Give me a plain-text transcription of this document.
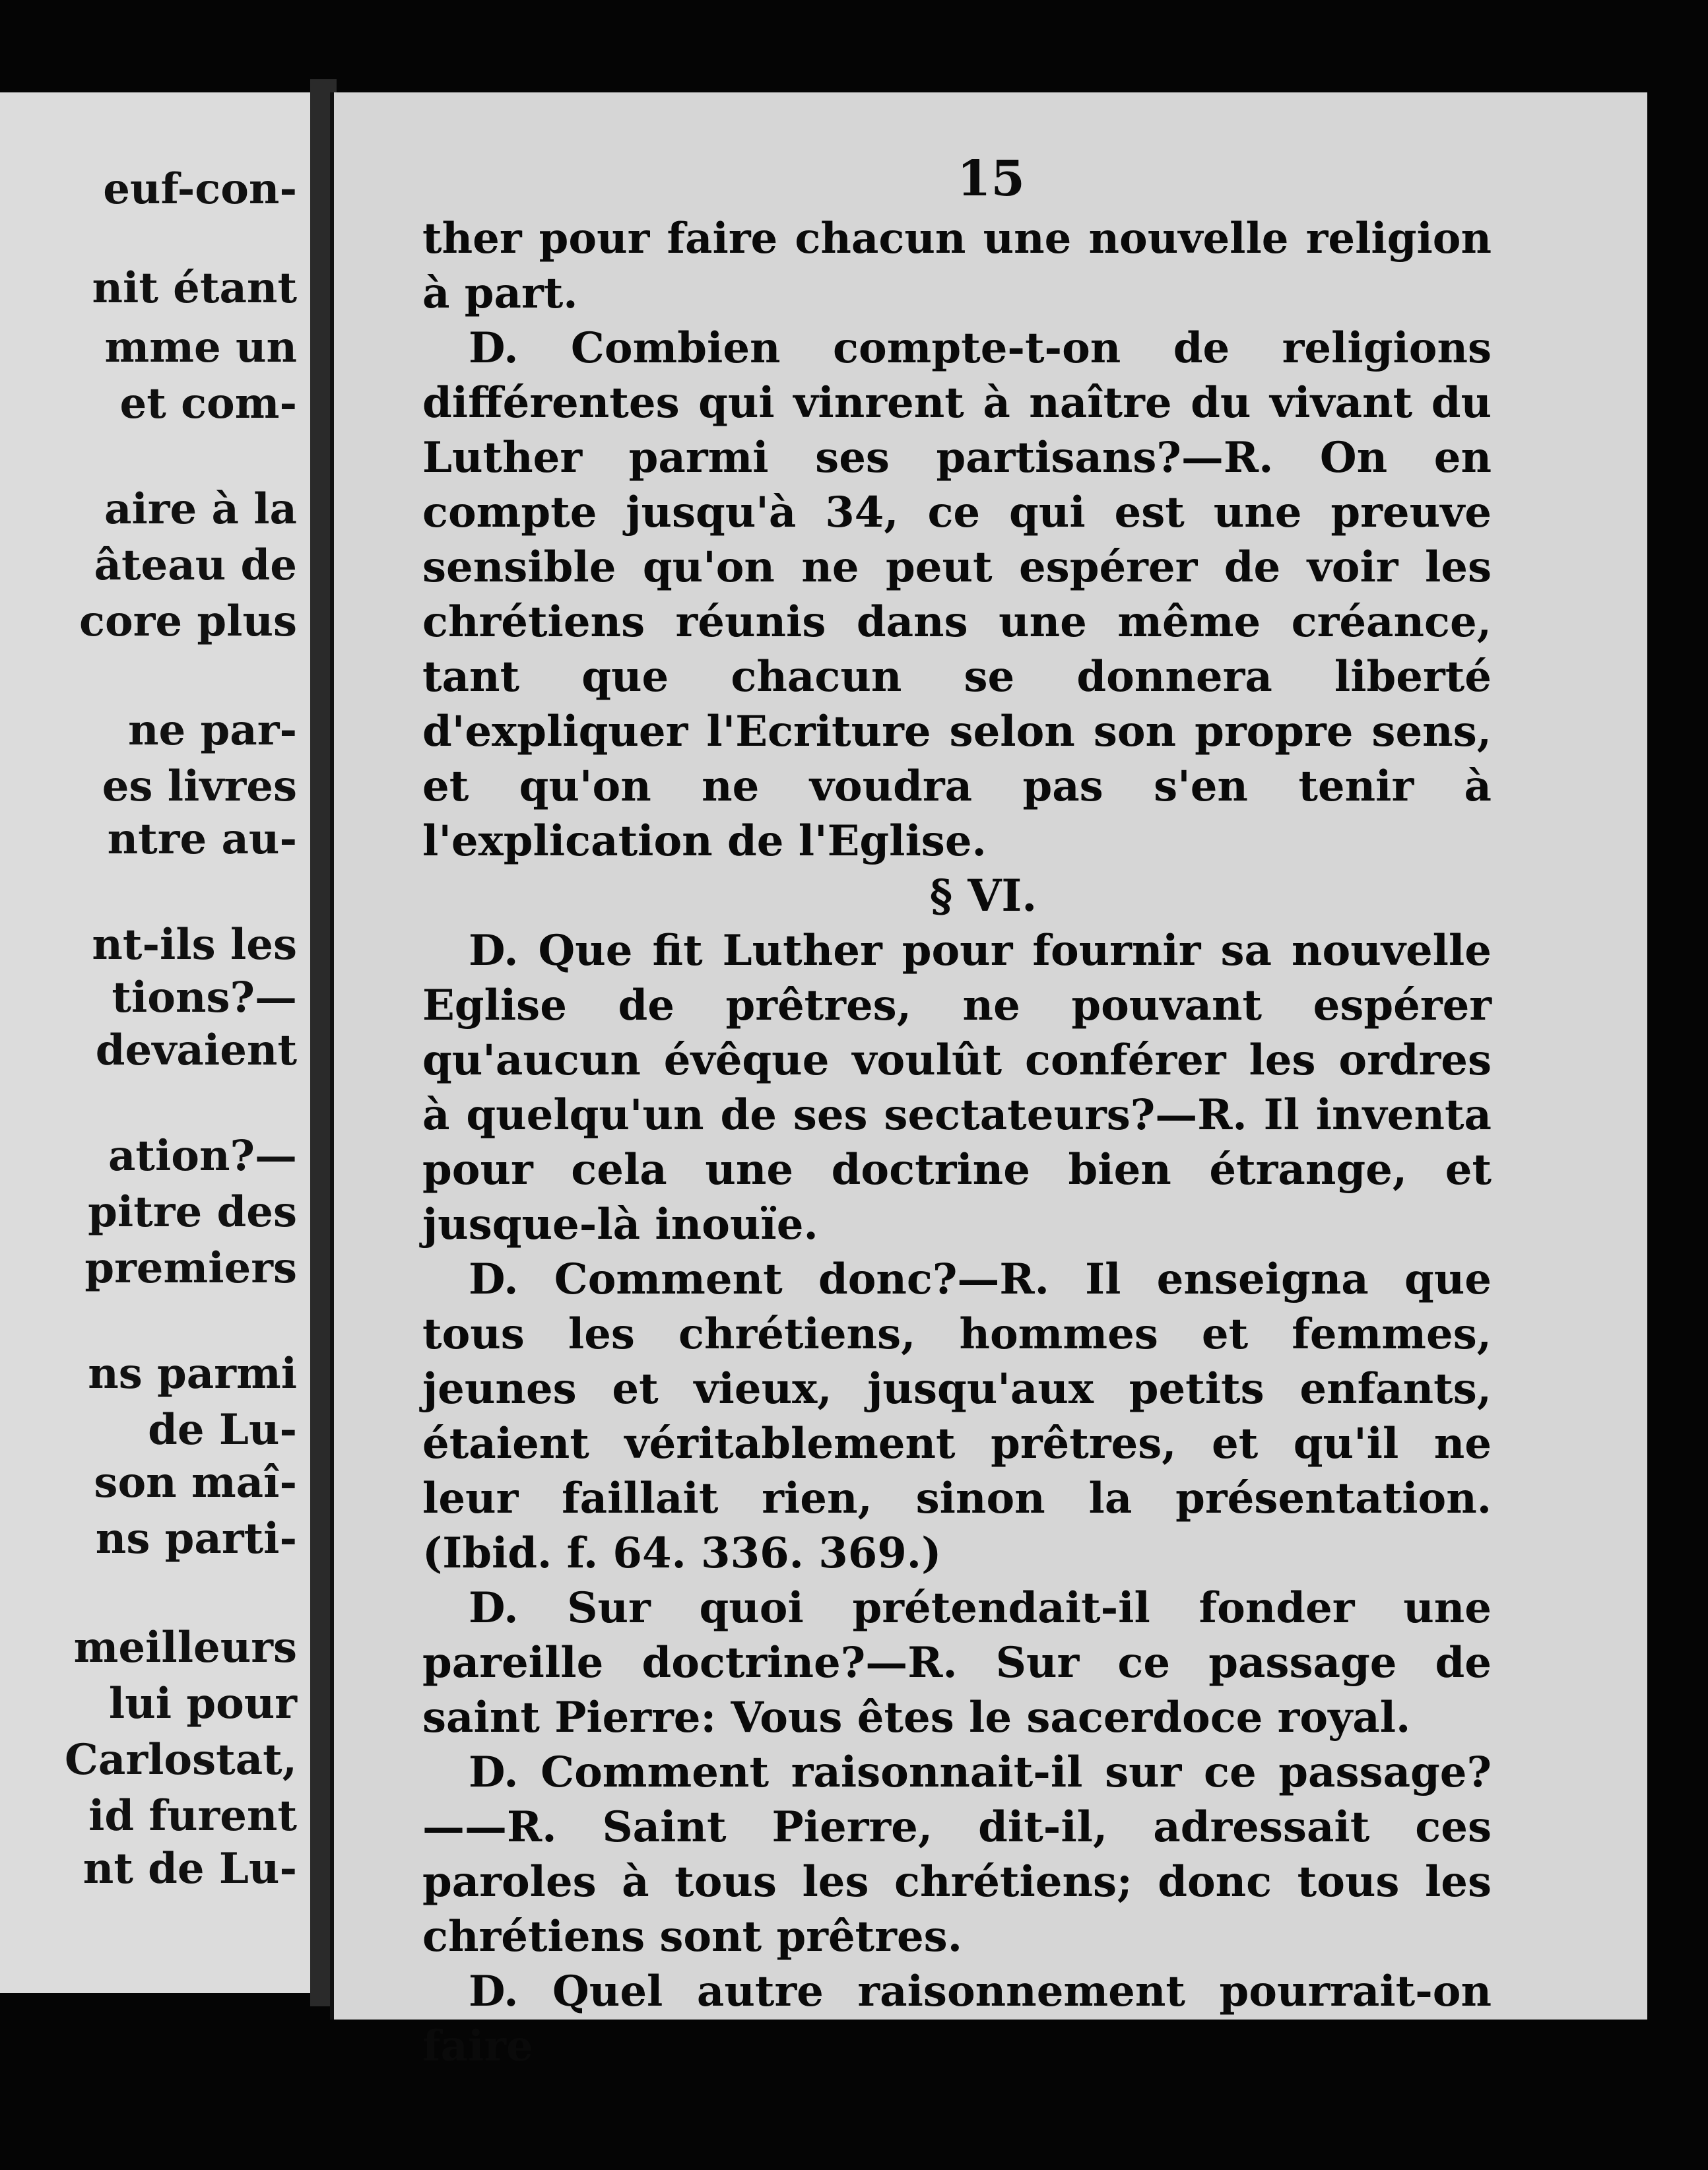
euf-con-
nit étant
mme un
et com-
aire à la
âteau de
core plus
ne par-
es livres
ntre au-
nt-ils les
tions?—
devaient
ation?—
pitre des
premiers
ns parmi
de Lu-
son maî-
ns parti-
meilleurs
lui pour
Carlostat,
id furent
nt de Lu-
15

ther pour faire chacun une nouvelle religion à part.

D. Combien compte-t-on de religions différentes qui vinrent à naître du vivant du Luther parmi ses partisans?—R. On en compte jusqu'à 34, ce qui est une preuve sensible qu'on ne peut espérer de voir les chrétiens réunis dans une même créance, tant que chacun se donnera liberté d'expliquer l'Ecriture selon son propre sens, et qu'on ne voudra pas s'en tenir à l'explication de l'Eglise.

§ VI.

D. Que fit Luther pour fournir sa nouvelle Eglise de prêtres, ne pouvant espérer qu'aucun évêque voulût conférer les ordres à quelqu'un de ses sectateurs?—R. Il inventa pour cela une doctrine bien étrange, et jusque-là inouïe.

D. Comment donc?—R. Il enseigna que tous les chrétiens, hommes et femmes, jeunes et vieux, jusqu'aux petits enfants, étaient véritablement prêtres, et qu'il ne leur faillait rien, sinon la présentation. (Ibid. f. 64. 336. 369.)

D. Sur quoi prétendait-il fonder une pareille doctrine?—R. Sur ce passage de saint Pierre: Vous êtes le sacerdoce royal.

D. Comment raisonnait-il sur ce passage?——R. Saint Pierre, dit-il, adressait ces paroles à tous les chrétiens; donc tous les chrétiens sont prêtres.

D. Quel autre raisonnement pourrait-on faire
